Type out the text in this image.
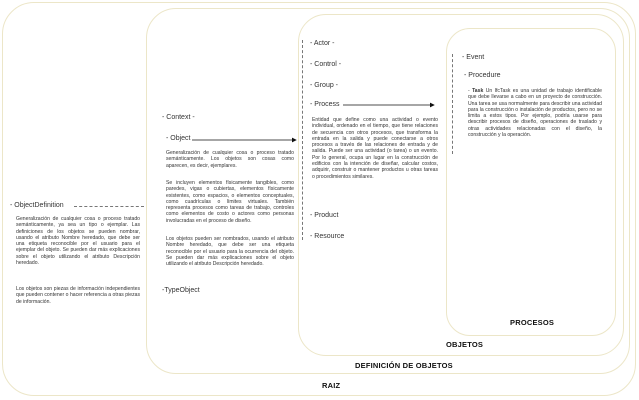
RAIZ
DEFINICIÓN DE OBJETOS
OBJETOS
PROCESOS
- ObjectDefinition
Generalización de cualquier cosa o proceso tratado semánticamente, ya sea un tipo o ejemplar. Las definiciones de los objetos se pueden nombrar, usando el atributo Nombre heredado, que debe ser una etiqueta reconocible por el usuario para el ejemplar del objeto. Se pueden dar más explicaciones sobre el objeto utilizando el atributo Descripción heredado.
Los objetos son piezas de información independientes que pueden contener o hacer referencia a otras piezas de información.
- Context -
- Object
Generalización de cualquier cosa o proceso tratado semánticamente. Los objetos son cosas como aparecen, es decir, ejemplares.
Se incluyen elementos físicamente tangibles, como paredes, vigas o cubiertas, elementos físicamente existentes, como espacios, o elementos conceptuales, como cuadrículas o límites virtuales. También representa procesos como tareas de trabajo, controles como elementos de costo o actores como personas involucradas en el proceso de diseño.
Los objetos pueden ser nombrados, usando el atributo Nombre heredado, que debe ser una etiqueta reconocible por el usuario para la ocurrencia del objeto. Se pueden dar más explicaciones sobre el objeto utilizando el atributo Descripción heredado.
-TypeObject
- Actor -
- Control -
- Group -
- Process
Entidad que define como una actividad o evento individual, ordenado en el tiempo, que tiene relaciones de secuencia con otros procesos, que transforma la entrada en la salida y puede conectarse a otros procesos a través de las relaciones de entrada y de salida. Puede ser una actividad (o tarea) o un evento. Por lo general, ocupa un lugar en la construcción de edificios con la intención de diseñar, calcular costos, adquirir, construir o mantener productos u otras tareas o procedimientos similares.
- Product
- Resource
- Event
- Procedure
- Task Un IfcTask es una unidad de trabajo identificable que debe llevarse a cabo en un proyecto de construcción. Una tarea se usa normalmente para describir una actividad para la construcción o instalación de productos, pero no se limita a estos tipos. Por ejemplo, podría usarse para describir procesos de diseño, operaciones de traslado y otras actividades relacionadas con el diseño, la construcción y la operación.
